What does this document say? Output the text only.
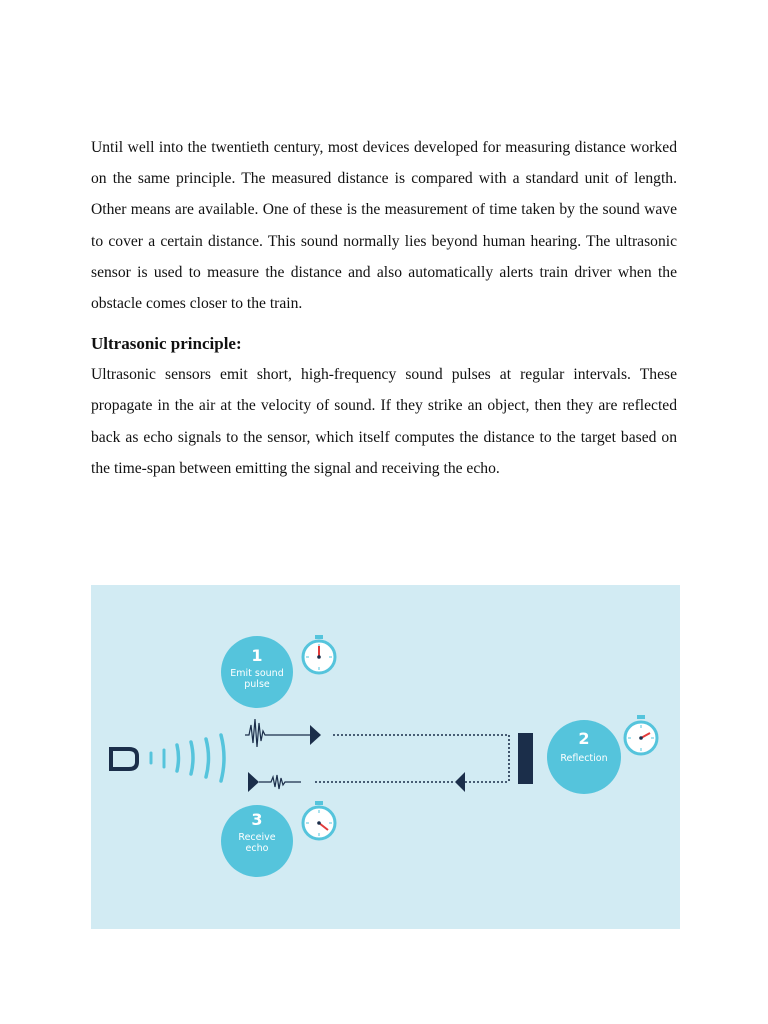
Until well into the twentieth century, most devices developed for measuring distance worked on the same principle. The measured distance is compared with a standard unit of length. Other means are available. One of these is the measurement of time taken by the sound wave to cover a certain distance. This sound normally lies beyond human hearing. The ultrasonic sensor is used to measure the distance and also automatically alerts train driver when the obstacle comes closer to the train.

Ultrasonic principle:

Ultrasonic sensors emit short, high-frequency sound pulses at regular intervals. These propagate in the air at the velocity of sound. If they strike an object, then they are reflected back as echo signals to the sensor, which itself computes the distance to the target based on the time-span between emitting the signal and receiving the echo.

1
Emit sound pulse
2
Reflection
3
Receive echo
